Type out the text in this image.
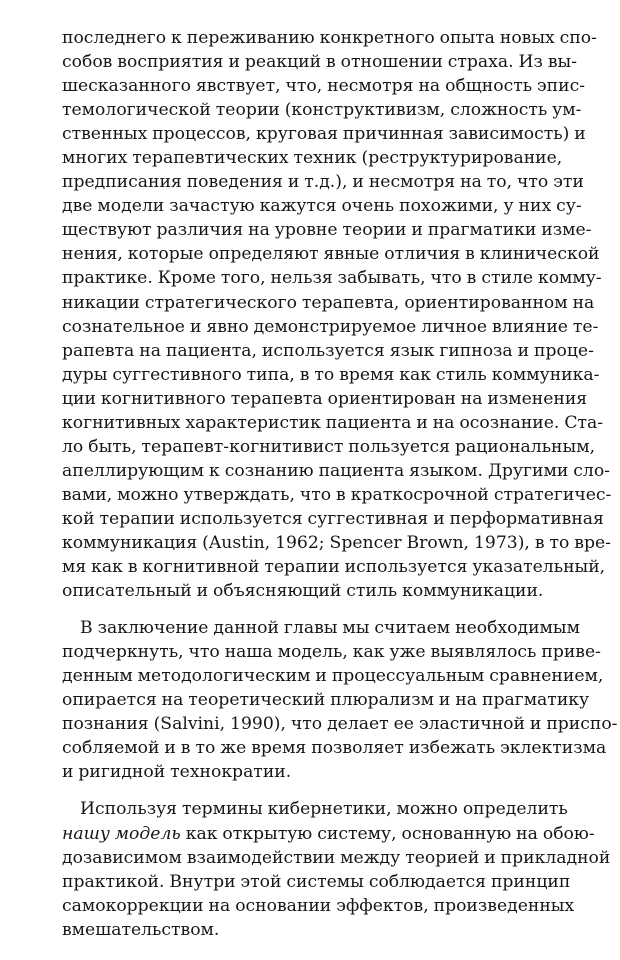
последнего к переживанию конкретного опыта новых спо-
собов восприятия и реакций в отношении страха. Из вы-
шесказанного явствует, что, несмотря на общность эпис-
темологической теории (конструктивизм, сложность ум-
ственных процессов, круговая причинная зависимость) и
многих терапевтических техник (реструктурирование,
предписания поведения и т.д.), и несмотря на то, что эти
две модели зачастую кажутся очень похожими, у них су-
ществуют различия на уровне теории и прагматики изме-
нения, которые определяют явные отличия в клинической
практике. Кроме того, нельзя забывать, что в стиле комму-
никации стратегического терапевта, ориентированном на
сознательное и явно демонстрируемое личное влияние те-
рапевта на пациента, используется язык гипноза и проце-
дуры суггестивного типа, в то время как стиль коммуника-
ции когнитивного терапевта ориентирован на изменения
когнитивных характеристик пациента и на осознание. Ста-
ло быть, терапевт-когнитивист пользуется рациональным,
апеллирующим к сознанию пациента языком. Другими сло-
вами, можно утверждать, что в краткосрочной стратегичес-
кой терапии используется суггестивная и перформативная
коммуникация (Austin, 1962; Spencer Brown, 1973), в то вре-
мя как в когнитивной терапии используется указательный,
описательный и объясняющий стиль коммуникации.
В заключение данной главы мы считаем необходимым
подчеркнуть, что наша модель, как уже выявлялось приве-
денным методологическим и процессуальным сравнением,
опирается на теоретический плюрализм и на прагматику
познания (Salvini, 1990), что делает ее эластичной и приспо-
собляемой и в то же время позволяет избежать эклектизма
и ригидной технократии.
Используя термины кибернетики, можно определить
нашу модель как открытую систему, основанную на обою-
дозависимом взаимодействии между теорией и прикладной
практикой. Внутри этой системы соблюдается принцип
самокоррекции на основании эффектов, произведенных
вмешательством.
